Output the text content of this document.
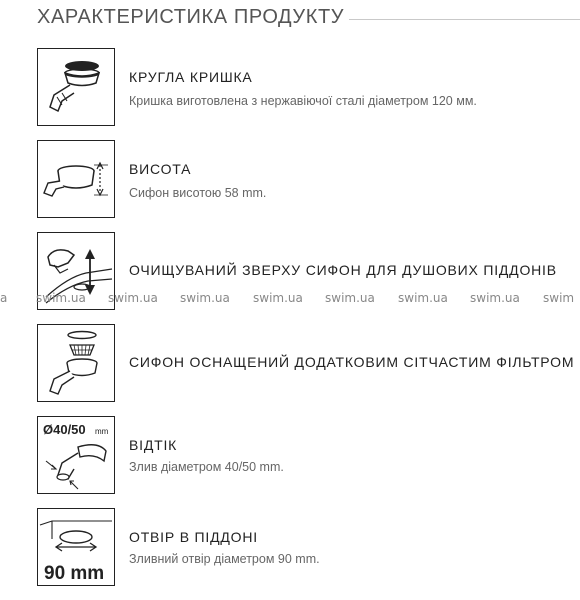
ХАРАКТЕРИСТИКА ПРОДУКТУ
КРУГЛА КРИШКА
Кришка виготовлена з нержавіючої сталі діаметром 120 мм.
ВИСОТА
Сифон висотою 58 mm.
ОЧИЩУВАНИЙ ЗВЕРХУ СИФОН ДЛЯ ДУШОВИХ ПІДДОНІВ
a swim.ua swim.ua swim.ua swim.ua swim.ua swim.ua swim.ua swim
СИФОН ОСНАЩЕНИЙ ДОДАТКОВИМ СІТЧАСТИМ ФІЛЬТРОМ
Ø40/50 mm
ВІДТІК
Злив діаметром 40/50 mm.
90 mm
ОТВІР В ПІДДОНІ
Зливний отвір діаметром 90 mm.
